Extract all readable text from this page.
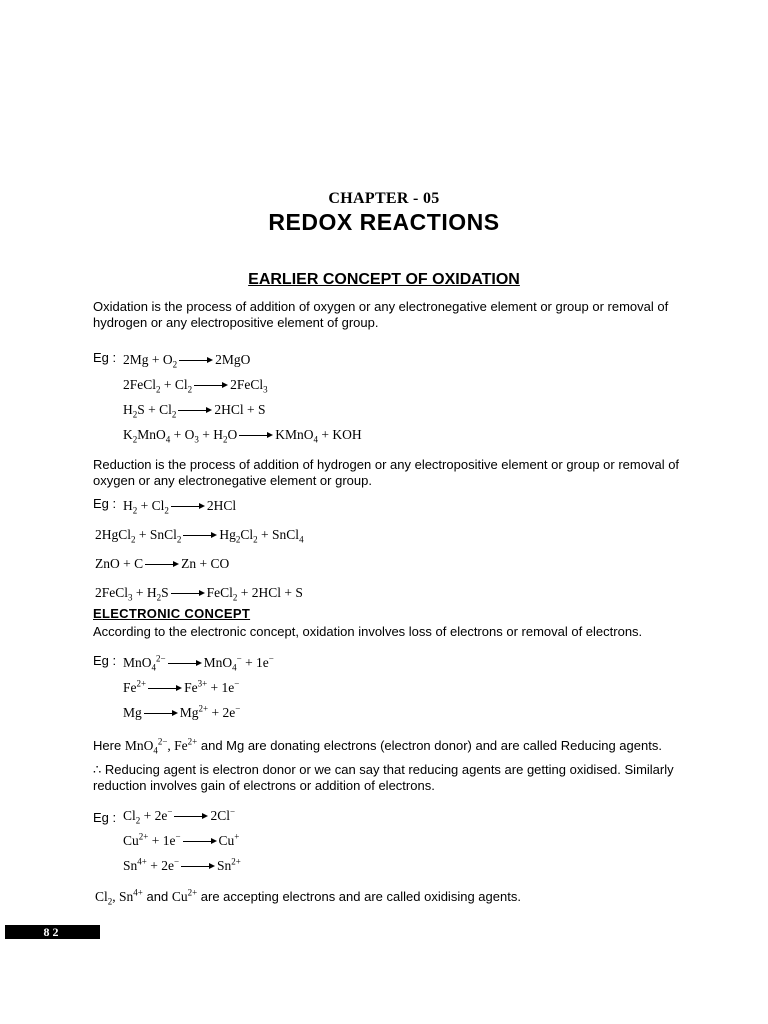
CHAPTER - 05
REDOX REACTIONS
EARLIER CONCEPT OF OXIDATION
Oxidation is the process of addition of oxygen or any electronegative element or group or removal of hydrogen or any electropositive element of group.
Eg : $2Mg + O_2$	2MgO
2FeCl$_2$ + $Cl_2$	2FeCl$_3$
$H_2S + Cl_2$	2HCl + S
$K_2MnO_4 + O_3 + H_2O$	KMnO$_4$ + KOH
Reduction is the process of addition of hydrogen or any electropositive element or group or removal of oxygen or any electronegative element or group.
Eg : $H_2 + Cl_2$	2HCl
2HgCl$_2$ + SnCl$_2$	$Hg_2Cl_2$ + SnCl$_4$
ZnO + C	Zn + CO
2FeCl$_3$ + $H_2S$	FeCl$_2$ + 2HCl + S
ELECTRONIC CONCEPT
According to the electronic concept, oxidation involves loss of electrons or removal of electrons.
Eg : MnO$_4^{2-}$	MnO$_4$− + 1e−
$Fe^{2+}$	$Fe^{3+} + 1e^-$
Mg	$Mg^{2+} + 2e^-$
Here MnO$_4^{2-}$, $Fe^{2+}$ and Mg are donating electrons (electron donor) and are called Reducing agents.
∴ Reducing agent is electron donor or we can say that reducing agents are getting oxidised. Similarly reduction involves gain of electrons or addition of electrons.
Eg : $Cl_2 + 2e^-$	2Cl−
$Cu^{2+} + 1e^-$	Cu+
$Sn^{4+} + 2e^-$	$Sn^{2+}$
$Cl_2$, $Sn^{4+}$ and $Cu^{2+}$ are accepting electrons and are called oxidising agents.
82
